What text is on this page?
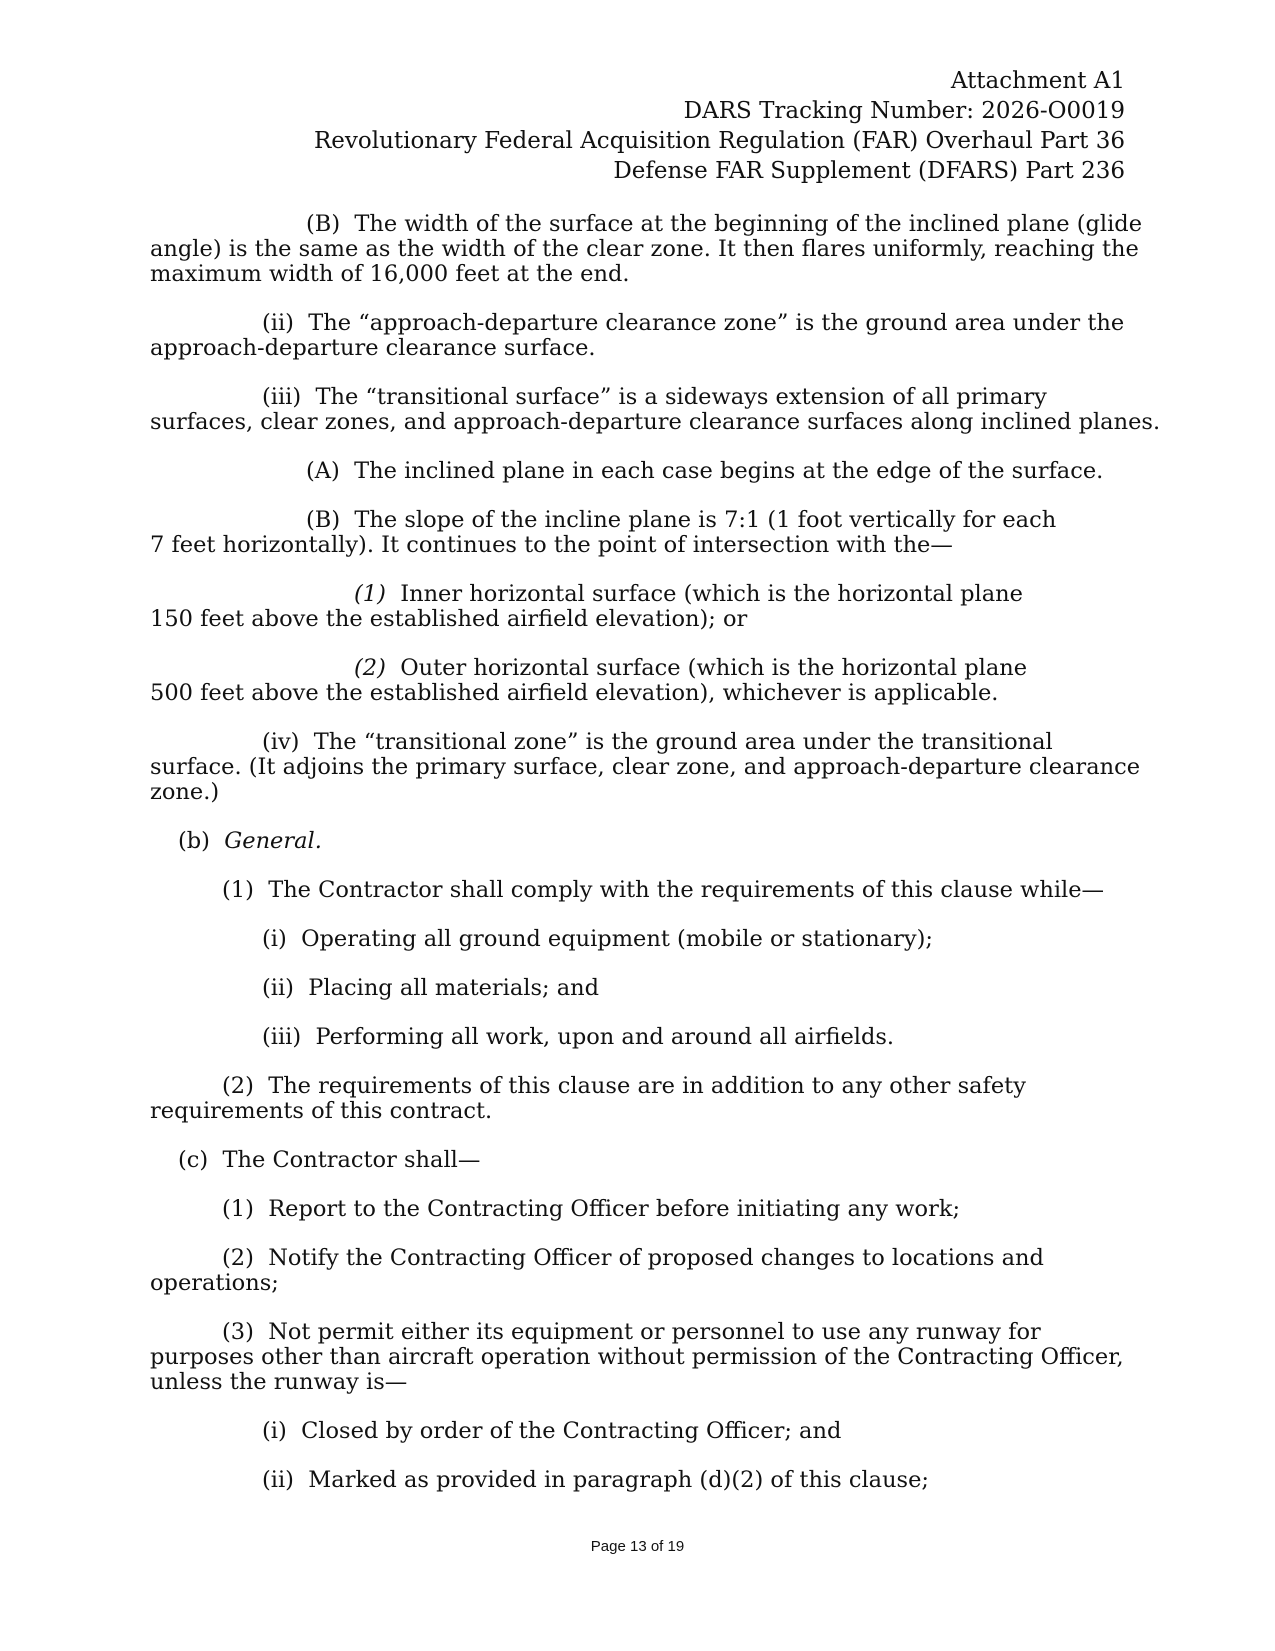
Attachment A1
DARS Tracking Number: 2026-O0019
Revolutionary Federal Acquisition Regulation (FAR) Overhaul Part 36
Defense FAR Supplement (DFARS) Part 236
(B) The width of the surface at the beginning of the inclined plane (glide
angle) is the same as the width of the clear zone. It then flares uniformly, reaching the
maximum width of 16,000 feet at the end.
(ii) The “approach-departure clearance zone” is the ground area under the
approach-departure clearance surface.
(iii) The “transitional surface” is a sideways extension of all primary
surfaces, clear zones, and approach-departure clearance surfaces along inclined planes.
(A) The inclined plane in each case begins at the edge of the surface.
(B) The slope of the incline plane is 7:1 (1 foot vertically for each
7 feet horizontally). It continues to the point of intersection with the—
(1) Inner horizontal surface (which is the horizontal plane
150 feet above the established airfield elevation); or
(2) Outer horizontal surface (which is the horizontal plane
500 feet above the established airfield elevation), whichever is applicable.
(iv) The “transitional zone” is the ground area under the transitional
surface. (It adjoins the primary surface, clear zone, and approach-departure clearance
zone.)
(b) General.
(1) The Contractor shall comply with the requirements of this clause while—
(i) Operating all ground equipment (mobile or stationary);
(ii) Placing all materials; and
(iii) Performing all work, upon and around all airfields.
(2) The requirements of this clause are in addition to any other safety
requirements of this contract.
(c) The Contractor shall—
(1) Report to the Contracting Officer before initiating any work;
(2) Notify the Contracting Officer of proposed changes to locations and
operations;
(3) Not permit either its equipment or personnel to use any runway for
purposes other than aircraft operation without permission of the Contracting Officer,
unless the runway is—
(i) Closed by order of the Contracting Officer; and
(ii) Marked as provided in paragraph (d)(2) of this clause;
Page 13 of 19
